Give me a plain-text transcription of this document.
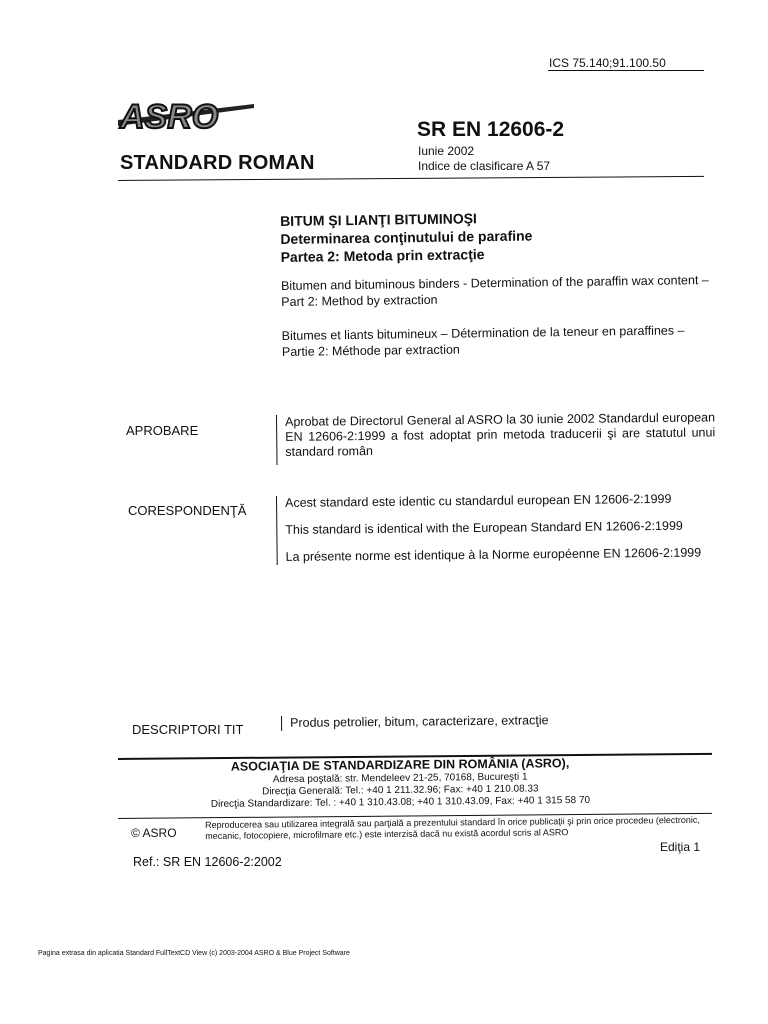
ICS 75.140;91.100.50
ASRO
STANDARD ROMAN
SR EN 12606-2
Iunie 2002
Indice de clasificare A 57
BITUM ŞI LIANŢI BITUMINOŞI
Determinarea conţinutului de parafine
Partea 2: Metoda prin extracţie
Bitumen and bituminous binders - Determination of the paraffin wax content – Part 2: Method by extraction
Bitumes et liants bitumineux – Détermination de la teneur en paraffines – Partie 2: Méthode par extraction
APROBARE

Aprobat de Directorul General al ASRO la 30 iunie 2002 Standardul european EN 12606-2:1999 a fost adoptat prin metoda traducerii şi are statutul unui standard român

CORESPONDENŢĂ

Acest standard este identic cu standardul european EN 12606-2:1999

This standard is identical with the European Standard EN 12606-2:1999

La présente norme est identique à la Norme européenne EN 12606-2:1999

DESCRIPTORI TIT	Produs petrolier, bitum, caracterizare, extracţie

ASOCIAŢIA DE STANDARDIZARE DIN ROMÂNIA (ASRO),
Adresa poştală: str. Mendeleev 21-25, 70168, Bucureşti 1
Direcţia Generală: Tel.: +40 1 211.32.96; Fax: +40 1 210.08.33
Direcţia Standardizare: Tel. : +40 1 310.43.08; +40 1 310.43.09, Fax: +40 1 315 58 70
© ASRO
Reproducerea sau utilizarea integrală sau parţială a prezentului standard în orice publicaţii şi prin orice procedeu (electronic, mecanic, fotocopiere, microfilmare etc.) este interzisă dacă nu există acordul scris al ASRO
Ediţia 1
Ref.: SR EN 12606-2:2002
Pagina extrasa din aplicatia Standard FullTextCD View (c) 2003-2004 ASRO & Blue Project Software
